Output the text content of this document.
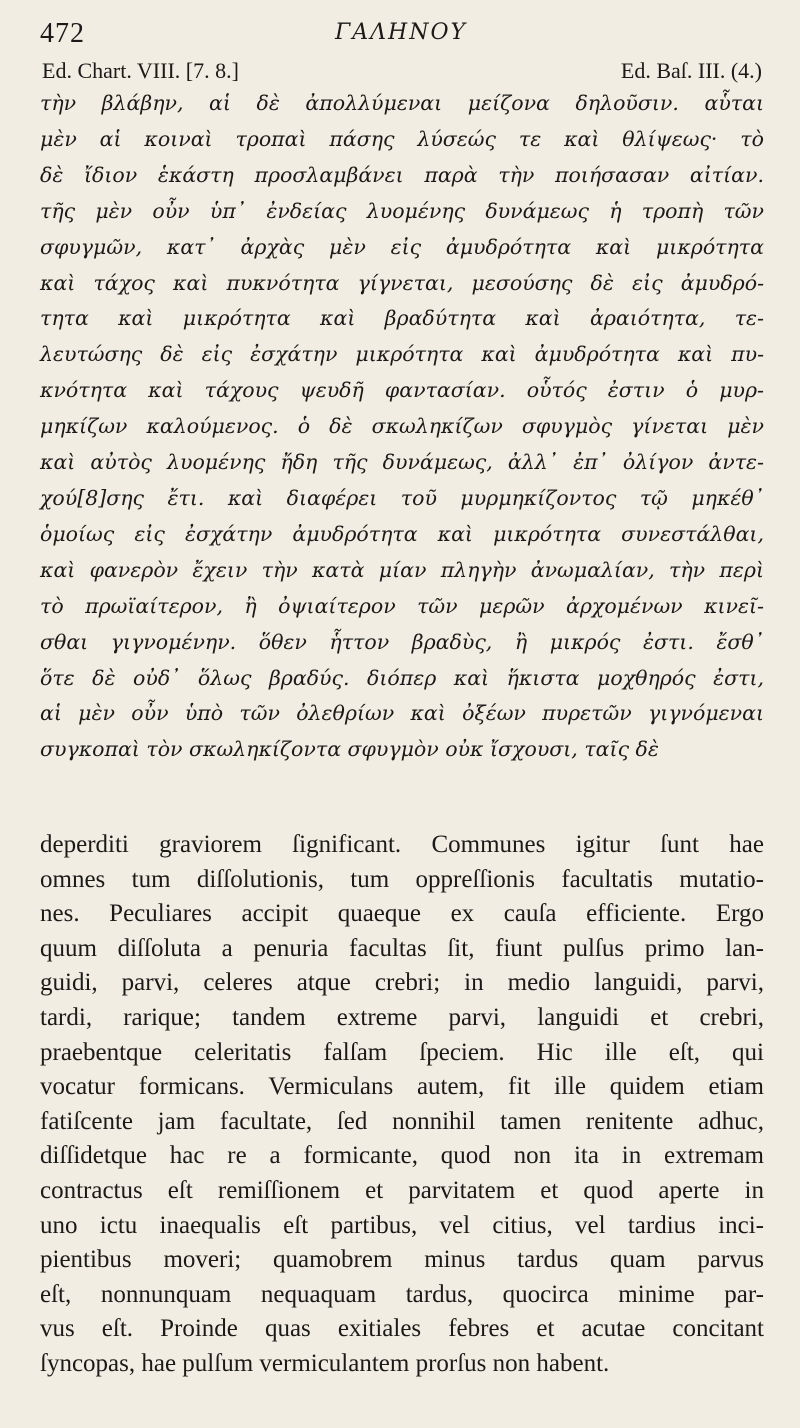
472	ΓΑΛΗΝΟΥ
Ed. Chart. VIII. [7. 8.]	Ed. Baſ. III. (4.)
τὴν βλάβην, αἱ δὲ ἀπολλύμεναι μείζονα δηλοῦσιν. αὗται
μὲν αἱ κοιναὶ τροπαὶ πάσης λύσεώς τε καὶ θλίψεως· τὸ
δὲ ἴδιον ἑκάστη προσλαμβάνει παρὰ τὴν ποιήσασαν αἰτίαν.
τῆς μὲν οὖν ὑπ᾽ ἐνδείας λυομένης δυνάμεως ἡ τροπὴ τῶν
σφυγμῶν, κατ᾽ ἀρχὰς μὲν εἰς ἀμυδρότητα καὶ μικρότητα
καὶ τάχος καὶ πυκνότητα γίγνεται, μεσούσης δὲ εἰς ἀμυδρό-
τητα καὶ μικρότητα καὶ βραδύτητα καὶ ἀραιότητα, τε-
λευτώσης δὲ εἰς ἐσχάτην μικρότητα καὶ ἀμυδρότητα καὶ πυ-
κνότητα καὶ τάχους ψευδῆ φαντασίαν. οὗτός ἐστιν ὁ μυρ-
μηκίζων καλούμενος. ὁ δὲ σκωληκίζων σφυγμὸς γίνεται μὲν
καὶ αὐτὸς λυομένης ἤδη τῆς δυνάμεως, ἀλλ᾽ ἐπ᾽ ὀλίγον ἀντε-
χού[8]σης ἔτι. καὶ διαφέρει τοῦ μυρμηκίζοντος τῷ μηκέθ᾽
ὁμοίως εἰς ἐσχάτην ἀμυδρότητα καὶ μικρότητα συνεστάλθαι,
καὶ φανερὸν ἔχειν τὴν κατὰ μίαν πληγὴν ἀνωμαλίαν, τὴν περὶ
τὸ πρωϊαίτερον, ἢ ὀψιαίτερον τῶν μερῶν ἀρχομένων κινεῖ-
σθαι γιγνομένην. ὅθεν ἧττον βραδὺς, ἢ μικρός ἐστι. ἔσθ᾽
ὅτε δὲ οὐδ᾽ ὅλως βραδύς. διόπερ καὶ ἥκιστα μοχθηρός ἐστι,
αἱ μὲν οὖν ὑπὸ τῶν ὀλεθρίων καὶ ὀξέων πυρετῶν γιγνόμεναι
συγκοπαὶ τὸν σκωληκίζοντα σφυγμὸν οὐκ ἴσχουσι, ταῖς δὲ
deperditi graviorem ſignificant. Communes igitur ſunt hae
omnes tum diſſolutionis, tum oppreſſionis facultatis mutatio-
nes. Peculiares accipit quaeque ex cauſa efficiente. Ergo
quum diſſoluta a penuria facultas ſit, fiunt pulſus primo lan-
guidi, parvi, celeres atque crebri; in medio languidi, parvi,
tardi, rarique; tandem extreme parvi, languidi et crebri,
praebentque celeritatis falſam ſpeciem. Hic ille eſt, qui
vocatur formicans. Vermiculans autem, fit ille quidem etiam
fatiſcente jam facultate, ſed nonnihil tamen renitente adhuc,
diſſidetque hac re a formicante, quod non ita in extremam
contractus eſt remiſſionem et parvitatem et quod aperte in
uno ictu inaequalis eſt partibus, vel citius, vel tardius inci-
pientibus moveri; quamobrem minus tardus quam parvus
eſt, nonnunquam nequaquam tardus, quocirca minime par-
vus eſt. Proinde quas exitiales febres et acutae concitant
ſyncopas, hae pulſum vermiculantem prorſus non habent.
